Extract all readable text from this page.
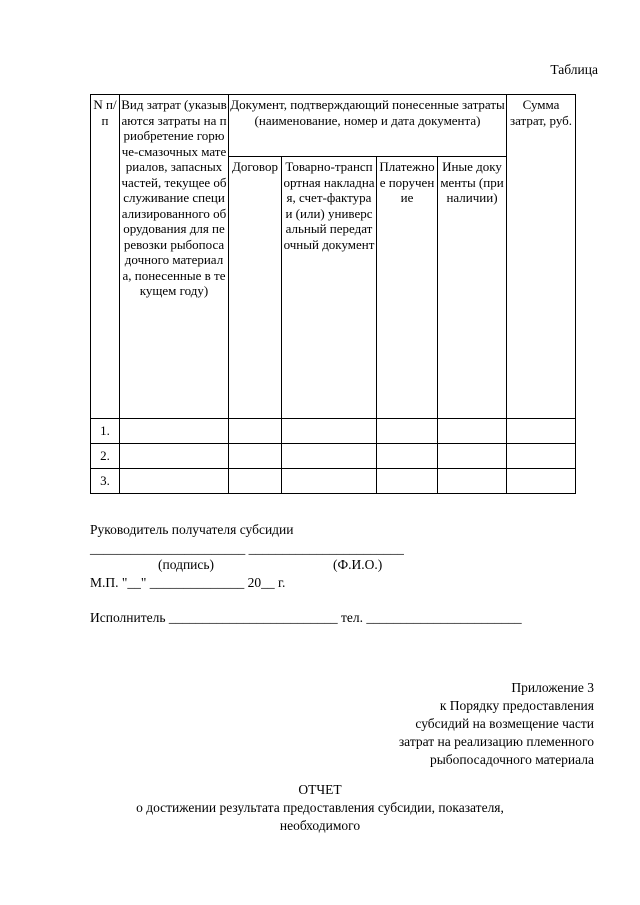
Таблица
N п/п	Вид затрат (указываются затраты на приобретение горюче-смазочных материалов, запасных частей, текущее обслуживание специализированного оборудования для перевозки рыбопосадочного материала, понесенные в текущем году)	Документ, подтверждающий понесенные затраты (наименование, номер и дата документа)				Сумма затрат, руб.
		Договор	Товарно-транспортная накладная, счет-фактура и (или) универсальный передаточный документ	Платежное поручение	Иные документы (при наличии)	
1.						
2.						
3.						
Руководитель получателя субсидии
_______________________ _______________________
(подпись)	(Ф.И.О.)
М.П. "__" ______________ 20__ г.
Исполнитель _________________________ тел. _______________________
Приложение 3
к Порядку предоставления
субсидий на возмещение части
затрат на реализацию племенного
рыбопосадочного материала
ОТЧЕТ
о достижении результата предоставления субсидии, показателя,
необходимого
